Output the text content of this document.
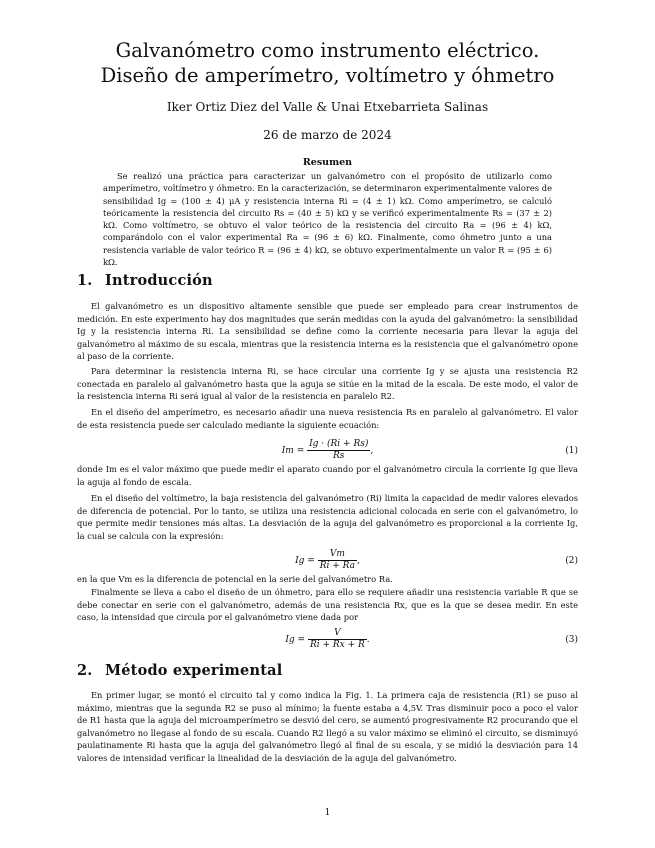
Galvanómetro como instrumento eléctrico.
Diseño de amperímetro, voltímetro y óhmetro
Iker Ortiz Diez del Valle & Unai Etxebarrieta Salinas
26 de marzo de 2024
Resumen
Se realizó una práctica para caracterizar un galvanómetro con el propósito de utilizarlo como amperímetro, voltímetro y óhmetro. En la caracterización, se determinaron experimentalmente valores de sensibilidad Ig = (100 ± 4) μA y resistencia interna Ri = (4 ± 1) kΩ. Como amperímetro, se calculó teóricamente la resistencia del circuito Rs = (40 ± 5) kΩ y se verificó experimentalmente Rs = (37 ± 2) kΩ. Como voltímetro, se obtuvo el valor teórico de la resistencia del circuito Ra = (96 ± 4) kΩ, comparándolo con el valor experimental Ra = (96 ± 6) kΩ. Finalmente, como óhmetro junto a una resistencia variable de valor teórico R = (96 ± 4) kΩ, se obtuvo experimentalmente un valor R = (95 ± 6) kΩ.
1. Introducción
El galvanómetro es un dispositivo altamente sensible que puede ser empleado para crear instrumentos de medición. En este experimento hay dos magnitudes que serán medidas con la ayuda del galvanómetro: la sensibilidad Ig y la resistencia interna Ri. La sensibilidad se define como la corriente necesaria para llevar la aguja del galvanómetro al máximo de su escala, mientras que la resistencia interna es la resistencia que el galvanómetro opone al paso de la corriente.
Para determinar la resistencia interna Ri, se hace circular una corriente Ig y se ajusta una resistencia R2 conectada en paralelo al galvanómetro hasta que la aguja se sitúe en la mitad de la escala. De este modo, el valor de la resistencia interna Ri será igual al valor de la resistencia en paralelo R2.
En el diseño del amperímetro, es necesario añadir una nueva resistencia Rs en paralelo al galvanómetro. El valor de esta resistencia puede ser calculado mediante la siguiente ecuación:
$Im = \frac{Ig \cdot (Ri + Rs)}{Rs}$ ,	(1)
donde Im es el valor máximo que puede medir el aparato cuando por el galvanómetro circula la corriente Ig que lleva la aguja al fondo de escala.
En el diseño del voltímetro, la baja resistencia del galvanómetro (Ri) limita la capacidad de medir valores elevados de diferencia de potencial. Por lo tanto, se utiliza una resistencia adicional colocada en serie con el galvanómetro, lo que permite medir tensiones más altas. La desviación de la aguja del galvanómetro es proporcional a la corriente Ig, la cual se calcula con la expresión:
$Ig = \frac{Vm}{Ri + Ra}$ ,	(2)
en la que Vm es la diferencia de potencial en la serie del galvanómetro Ra.
Finalmente se lleva a cabo el diseño de un óhmetro, para ello se requiere añadir una resistencia variable R que se debe conectar en serie con el galvanómetro, además de una resistencia Rx, que es la que se desea medir. En este caso, la intensidad que circula por el galvanómetro viene dada por
$Ig = \frac{V}{Ri + Rx + R}$ .	(3)
2. Método experimental
En primer lugar, se montó el circuito tal y como indica la Fig. 1. La primera caja de resistencia (R1) se puso al máximo, mientras que la segunda R2 se puso al mínimo; la fuente estaba a 4,5V. Tras disminuir poco a poco el valor de R1 hasta que la aguja del microamperímetro se desvió del cero, se aumentó progresivamente R2 procurando que el galvanómetro no llegase al fondo de su escala. Cuando R2 llegó a su valor máximo se eliminó el circuito, se disminuyó paulatinamente Ri hasta que la aguja del galvanómetro llegó al final de su escala, y se midió la desviación para 14 valores de intensidad verificar la linealidad de la desviación de la aguja del galvanómetro.
1
